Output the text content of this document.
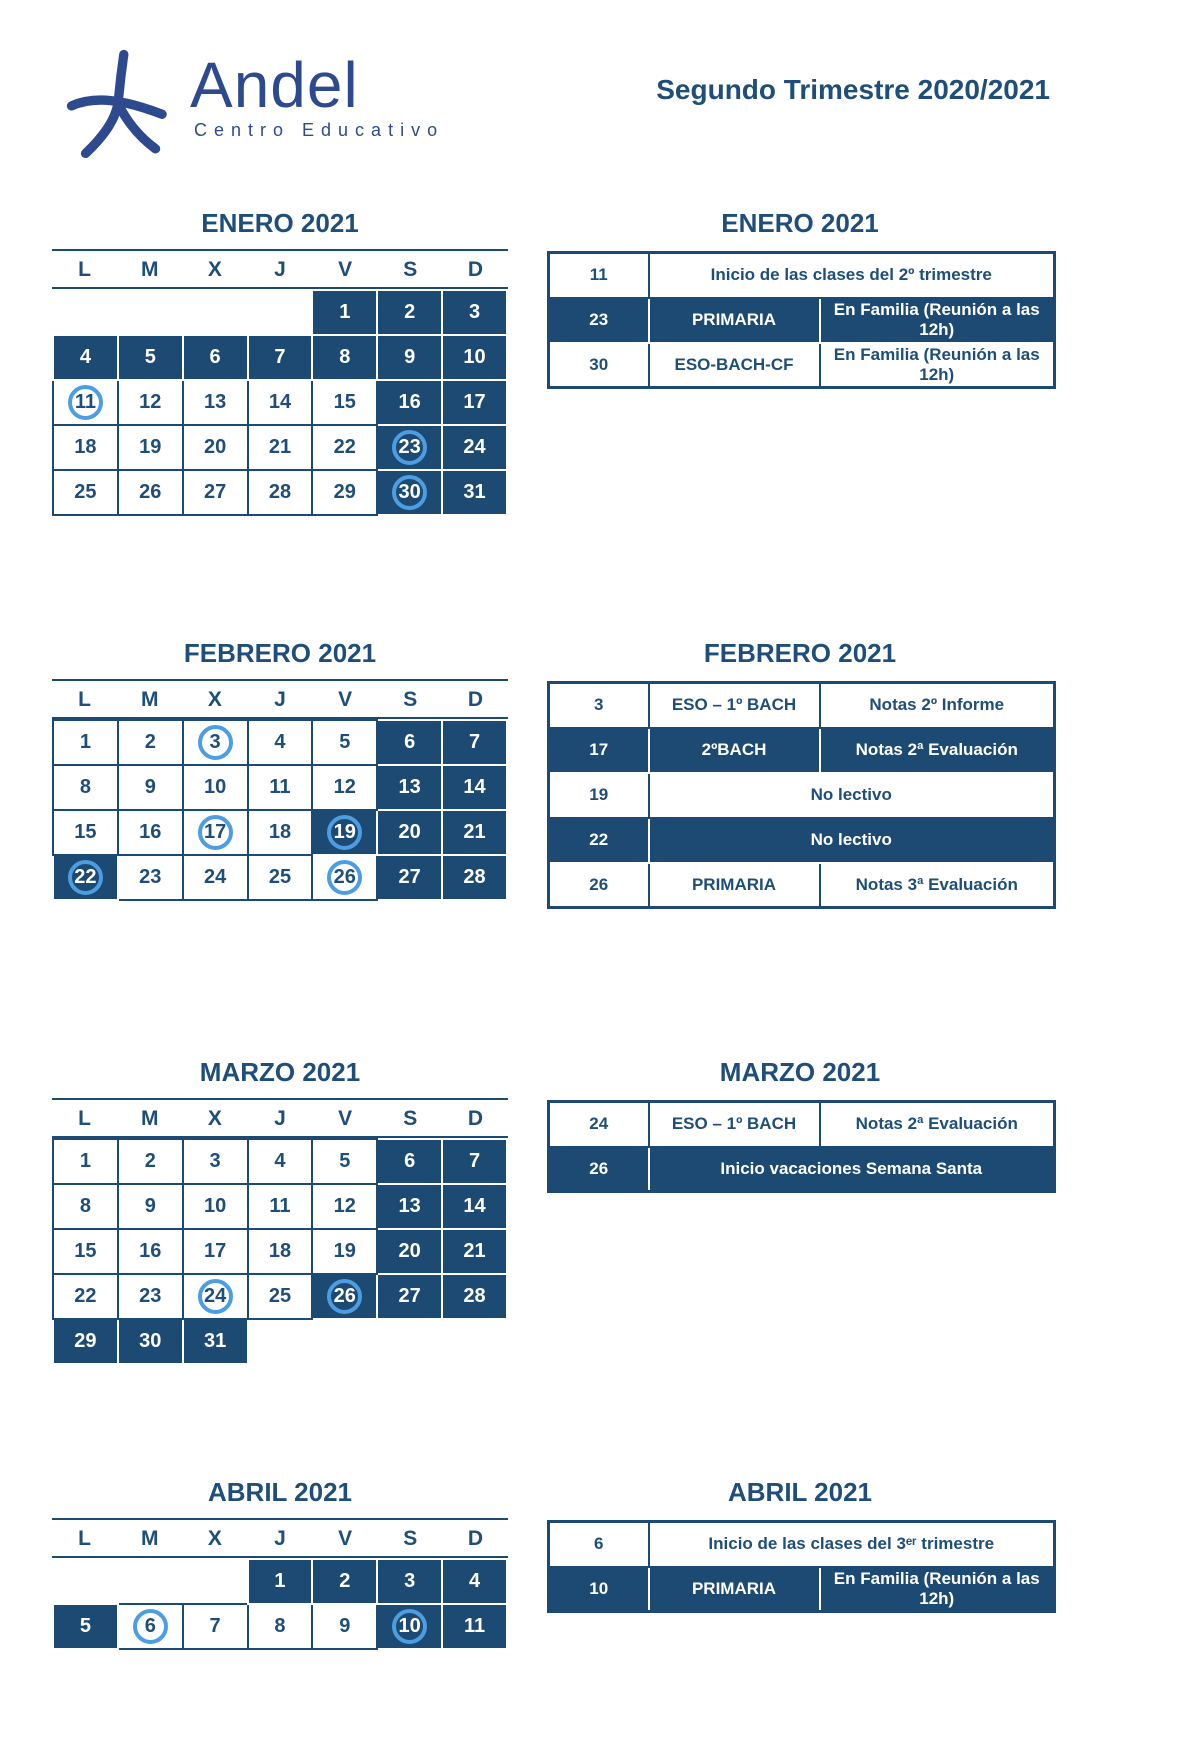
Andel
Centro Educativo
Segundo Trimestre 2020/2021
ENERO 2021
L	M	X	J	V	S	D
				1	2	3
4	5	6	7	8	9	10
11	12	13	14	15	16	17
18	19	20	21	22	23	24
25	26	27	28	29	30	31
ENERO 2021
11	Inicio de las clases del 2º trimestre	
23	PRIMARIA	En Familia (Reunión a las 12h)
30	ESO-BACH-CF	En Familia (Reunión a las 12h)
FEBRERO 2021
L	M	X	J	V	S	D
1	2	3	4	5	6	7
8	9	10	11	12	13	14
15	16	17	18	19	20	21
22	23	24	25	26	27	28
FEBRERO 2021
3	ESO – 1º BACH	Notas 2º Informe
17	2ºBACH	Notas 2ª Evaluación
19	No lectivo	
22	No lectivo	
26	PRIMARIA	Notas 3ª Evaluación
MARZO 2021
L	M	X	J	V	S	D
1	2	3	4	5	6	7
8	9	10	11	12	13	14
15	16	17	18	19	20	21
22	23	24	25	26	27	28
29	30	31				
MARZO 2021
24	ESO – 1º BACH	Notas 2ª Evaluación
26	Inicio vacaciones Semana Santa	
ABRIL 2021
L	M	X	J	V	S	D
			1	2	3	4
5	6	7	8	9	10	11
ABRIL 2021
6	Inicio de las clases del 3ᵉʳ trimestre	
10	PRIMARIA	En Familia (Reunión a las 12h)
